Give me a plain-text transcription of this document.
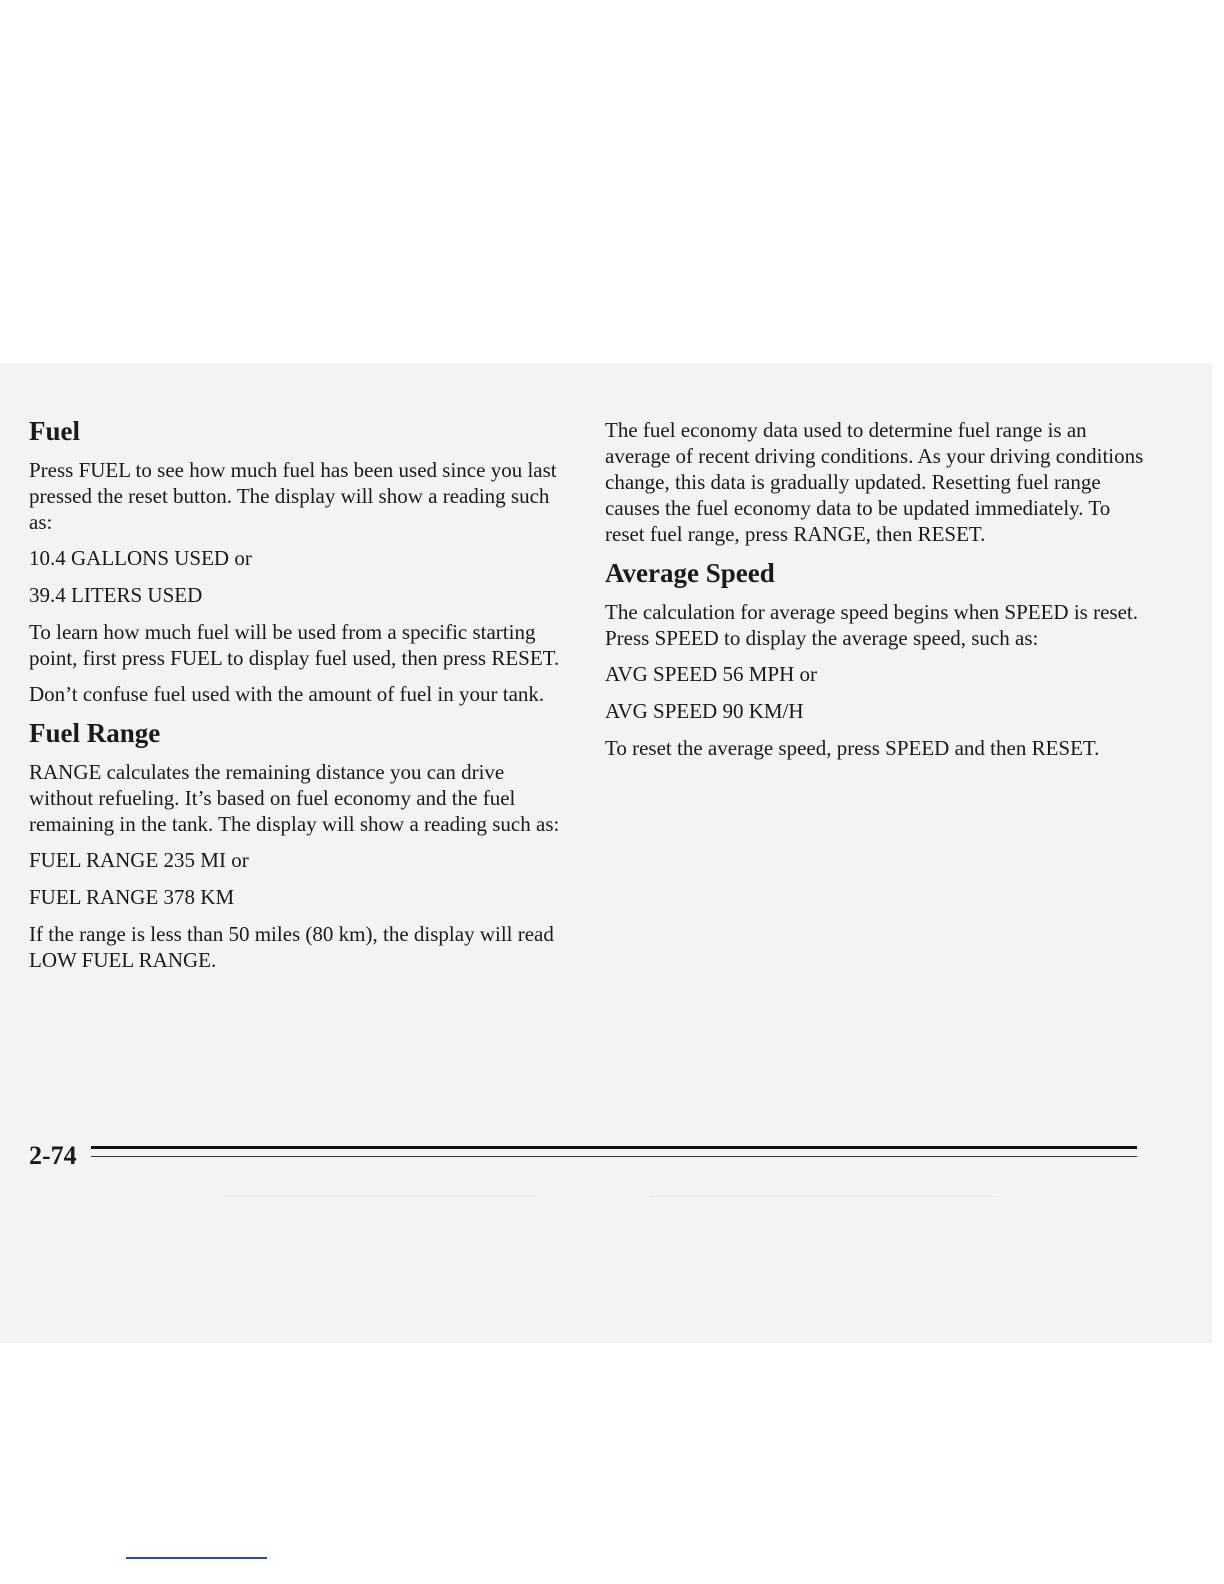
Fuel

Press FUEL to see how much fuel has been used since you last pressed the reset button. The display will show a reading such as:

10.4 GALLONS USED or

39.4 LITERS USED

To learn how much fuel will be used from a specific starting point, first press FUEL to display fuel used, then press RESET.

Don’t confuse fuel used with the amount of fuel in your tank.

Fuel Range

RANGE calculates the remaining distance you can drive without refueling. It’s based on fuel economy and the fuel remaining in the tank. The display will show a reading such as:

FUEL RANGE 235 MI or

FUEL RANGE 378 KM

If the range is less than 50 miles (80 km), the display will read LOW FUEL RANGE.

The fuel economy data used to determine fuel range is an average of recent driving conditions. As your driving conditions change, this data is gradually updated. Resetting fuel range causes the fuel economy data to be updated immediately. To reset fuel range, press RANGE, then RESET.

Average Speed

The calculation for average speed begins when SPEED is reset. Press SPEED to display the average speed, such as:

AVG SPEED 56 MPH or

AVG SPEED 90 KM/H

To reset the average speed, press SPEED and then RESET.

2-74
